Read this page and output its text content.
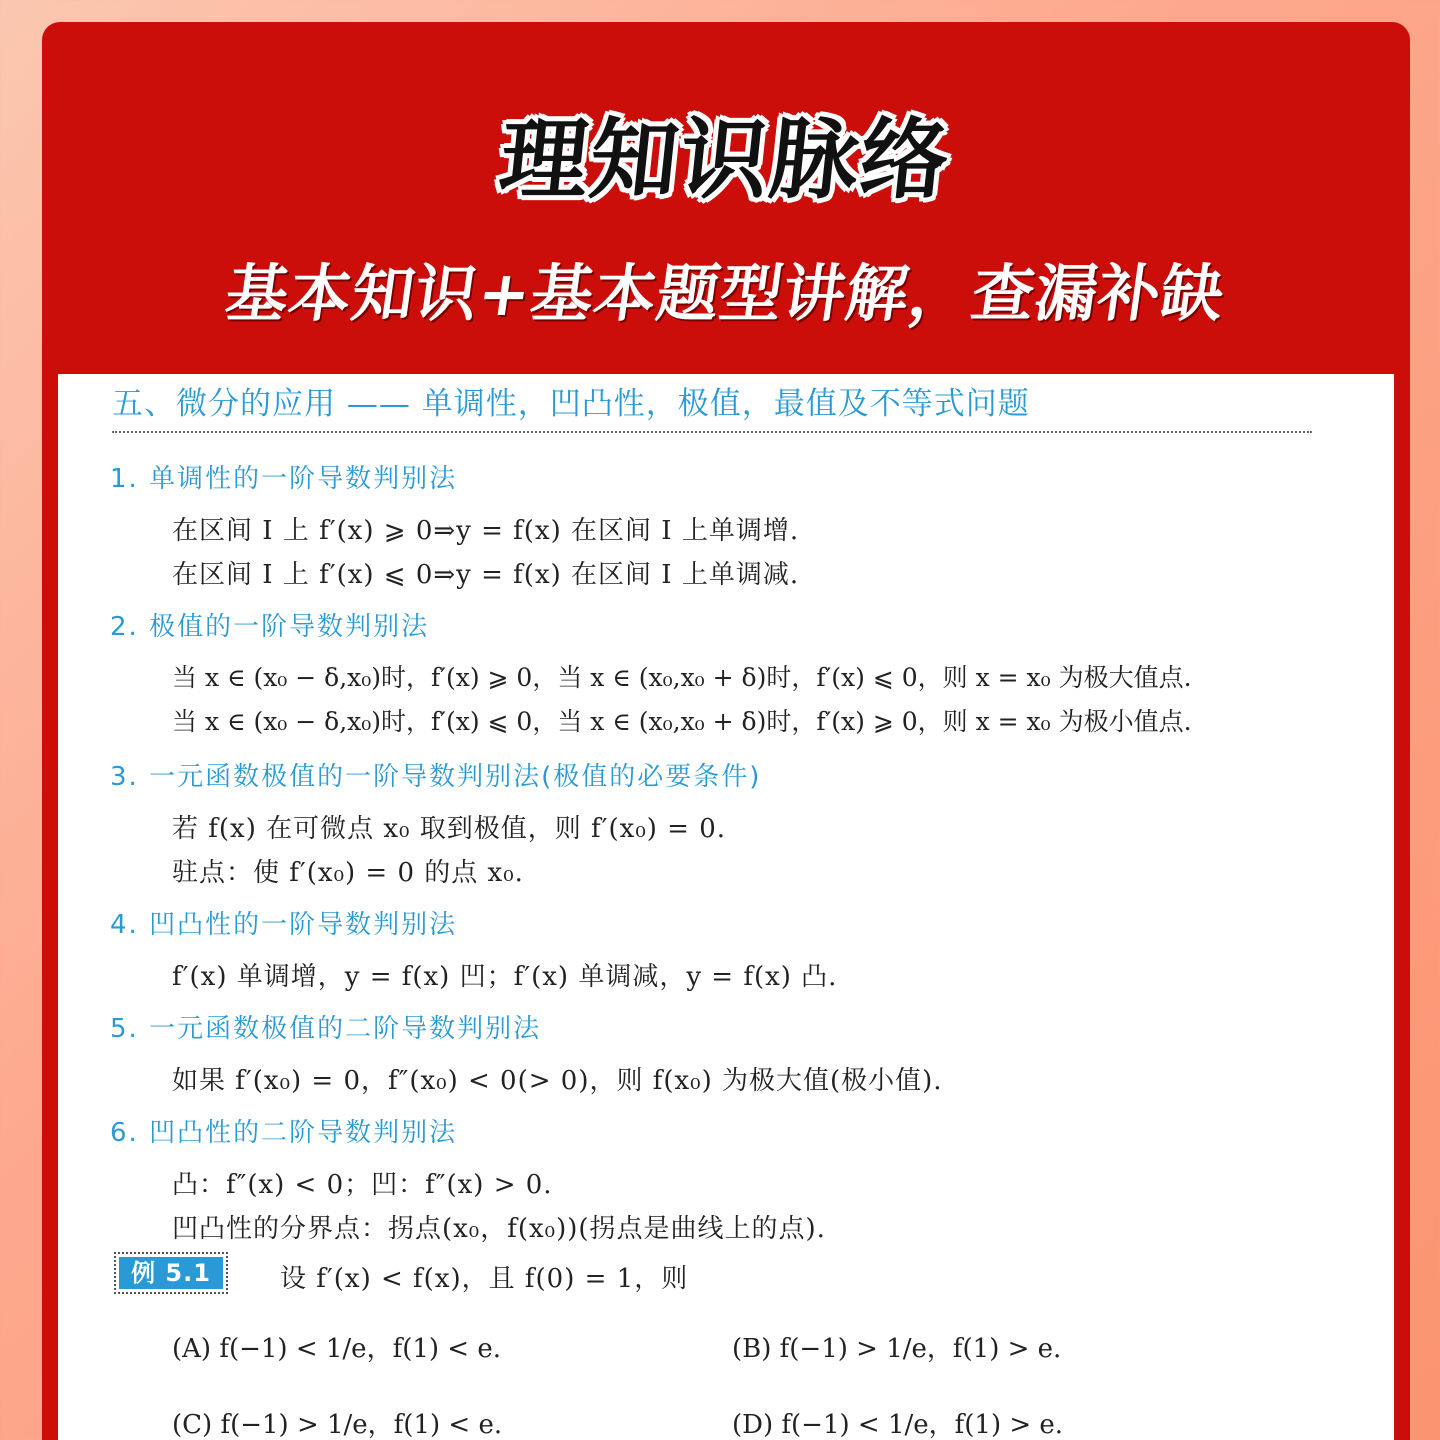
理知识脉络
基本知识+基本题型讲解，查漏补缺
五、微分的应用 —— 单调性，凹凸性，极值，最值及不等式问题
1. 单调性的一阶导数判别法
在区间 I 上 f′(x) ⩾ 0⇒y = f(x) 在区间 I 上单调增.
在区间 I 上 f′(x) ⩽ 0⇒y = f(x) 在区间 I 上单调减.
2. 极值的一阶导数判别法
当 x ∈ (x₀ − δ,x₀)时，f′(x) ⩾ 0，当 x ∈ (x₀,x₀ + δ)时，f′(x) ⩽ 0，则 x = x₀ 为极大值点.
当 x ∈ (x₀ − δ,x₀)时，f′(x) ⩽ 0，当 x ∈ (x₀,x₀ + δ)时，f′(x) ⩾ 0，则 x = x₀ 为极小值点.
3. 一元函数极值的一阶导数判别法(极值的必要条件)
若 f(x) 在可微点 x₀ 取到极值，则 f′(x₀) = 0.
驻点：使 f′(x₀) = 0 的点 x₀.
4. 凹凸性的一阶导数判别法
f′(x) 单调增，y = f(x) 凹；f′(x) 单调减，y = f(x) 凸.
5. 一元函数极值的二阶导数判别法
如果 f′(x₀) = 0，f″(x₀) < 0(> 0)，则 f(x₀) 为极大值(极小值).
6. 凹凸性的二阶导数判别法
凸：f″(x) < 0；凹：f″(x) > 0.
凹凸性的分界点：拐点(x₀，f(x₀))(拐点是曲线上的点).
例 5.1	设 f′(x) < f(x)，且 f(0) = 1，则
(A) f(−1) < 1/e，f(1) < e.	(B) f(−1) > 1/e，f(1) > e.
(C) f(−1) > 1/e，f(1) < e.	(D) f(−1) < 1/e，f(1) > e.
